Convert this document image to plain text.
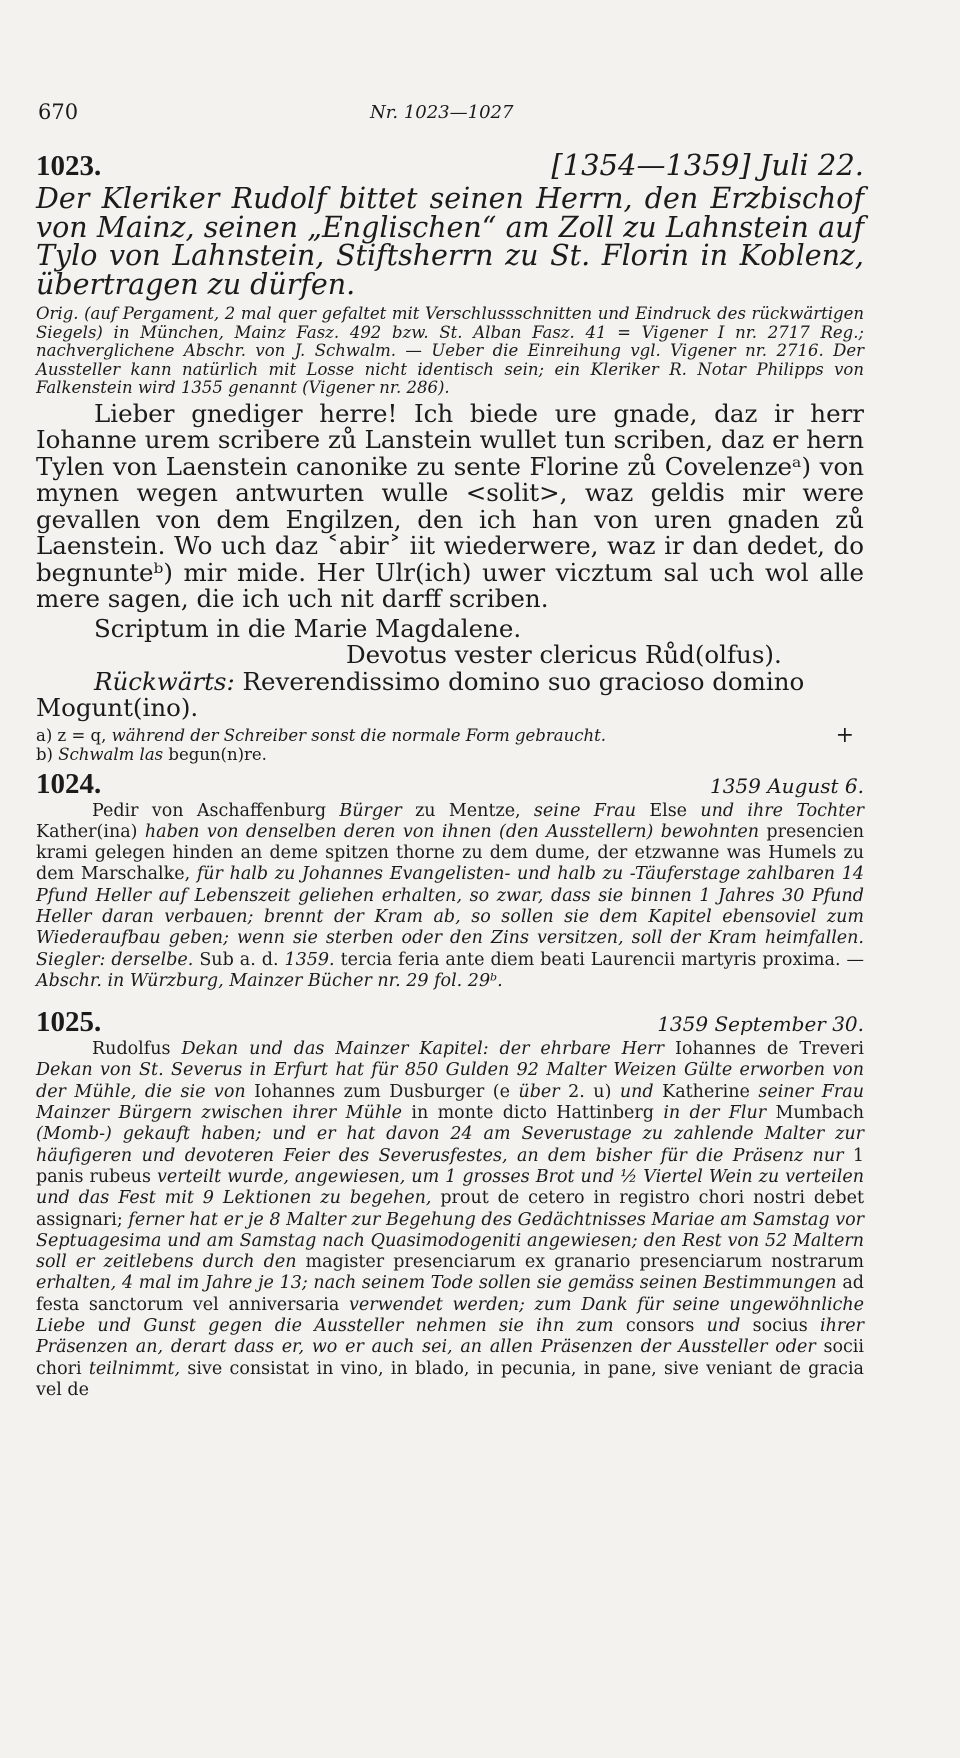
670	Nr. 1023—1027
1023.	[1354—1359] Juli 22.

Der Kleriker Rudolf bittet seinen Herrn, den Erzbischof von Mainz, seinen „Englischen“ am Zoll zu Lahnstein auf Tylo von Lahnstein, Stiftsherrn zu St. Florin in Koblenz, übertragen zu dürfen.

Orig. (auf Pergament, 2 mal quer gefaltet mit Verschlussschnitten und Eindruck des rückwärtigen Siegels) in München, Mainz Fasz. 492 bzw. St. Alban Fasz. 41 = Vigener I nr. 2717 Reg.; nachverglichene Abschr. von J. Schwalm. — Ueber die Einreihung vgl. Vigener nr. 2716. Der Aussteller kann natürlich mit Losse nicht identisch sein; ein Kleriker R. Notar Philipps von Falkenstein wird 1355 genannt (Vigener nr. 286).

Lieber gnediger herre! Ich biede ure gnade, daz ir herr Iohanne urem scribere zů Lanstein wullet tun scriben, daz er hern Tylen von Laenstein canonike zu sente Florine zů Covelenzeᵃ) von mynen wegen antwurten wulle <solit>, waz geldis mir were gevallen von dem Engilzen, den ich han von uren gnaden zů Laenstein. Wo uch daz ˂abir˃ iit wiederwere, waz ir dan dedet, do begnunteᵇ) mir mide. Her Ulr(ich) uwer vicztum sal uch wol alle mere sagen, die ich uch nit darff scriben.

Scriptum in die Marie Magdalene.

Devotus vester clericus Růd(olfus).

Rückwärts: Reverendissimo domino suo gracioso domino Mogunt(ino).

a) z = q, während der Schreiber sonst die normale Form gebraucht.	+

b) Schwalm las begun(n)re.

1024.	1359 August 6.

Pedir von Aschaffenburg Bürger zu Mentze, seine Frau Else und ihre Tochter Kather(ina) haben von denselben deren von ihnen (den Ausstellern) bewohnten presencien krami gelegen hinden an deme spitzen thorne zu dem dume, der etzwanne was Humels zu dem Marschalke, für halb zu Johannes Evangelisten- und halb zu -Täuferstage zahlbaren 14 Pfund Heller auf Lebenszeit geliehen erhalten, so zwar, dass sie binnen 1 Jahres 30 Pfund Heller daran verbauen; brennt der Kram ab, so sollen sie dem Kapitel ebensoviel zum Wiederaufbau geben; wenn sie sterben oder den Zins versitzen, soll der Kram heimfallen. Siegler: derselbe. Sub a. d. 1359. tercia feria ante diem beati Laurencii martyris proxima. — Abschr. in Würzburg, Mainzer Bücher nr. 29 fol. 29ᵇ.

1025.	1359 September 30.

Rudolfus Dekan und das Mainzer Kapitel: der ehrbare Herr Iohannes de Treveri Dekan von St. Severus in Erfurt hat für 850 Gulden 92 Malter Weizen Gülte erworben von der Mühle, die sie von Iohannes zum Dusburger (e über 2. u) und Katherine seiner Frau Mainzer Bürgern zwischen ihrer Mühle in monte dicto Hattinberg in der Flur Mumbach (Momb-) gekauft haben; und er hat davon 24 am Severustage zu zahlende Malter zur häufigeren und devoteren Feier des Severusfestes, an dem bisher für die Präsenz nur 1 panis rubeus verteilt wurde, angewiesen, um 1 grosses Brot und ½ Viertel Wein zu verteilen und das Fest mit 9 Lektionen zu begehen, prout de cetero in registro chori nostri debet assignari; ferner hat er je 8 Malter zur Begehung des Gedächtnisses Mariae am Samstag vor Septuagesima und am Samstag nach Quasimodogeniti angewiesen; den Rest von 52 Maltern soll er zeitlebens durch den magister presenciarum ex granario presenciarum nostrarum erhalten, 4 mal im Jahre je 13; nach seinem Tode sollen sie gemäss seinen Bestimmungen ad festa sanctorum vel anniversaria verwendet werden; zum Dank für seine ungewöhnliche Liebe und Gunst gegen die Aussteller nehmen sie ihn zum consors und socius ihrer Präsenzen an, derart dass er, wo er auch sei, an allen Präsenzen der Aussteller oder socii chori teilnimmt, sive consistat in vino, in blado, in pecunia, in pane, sive veniant de gracia vel de
